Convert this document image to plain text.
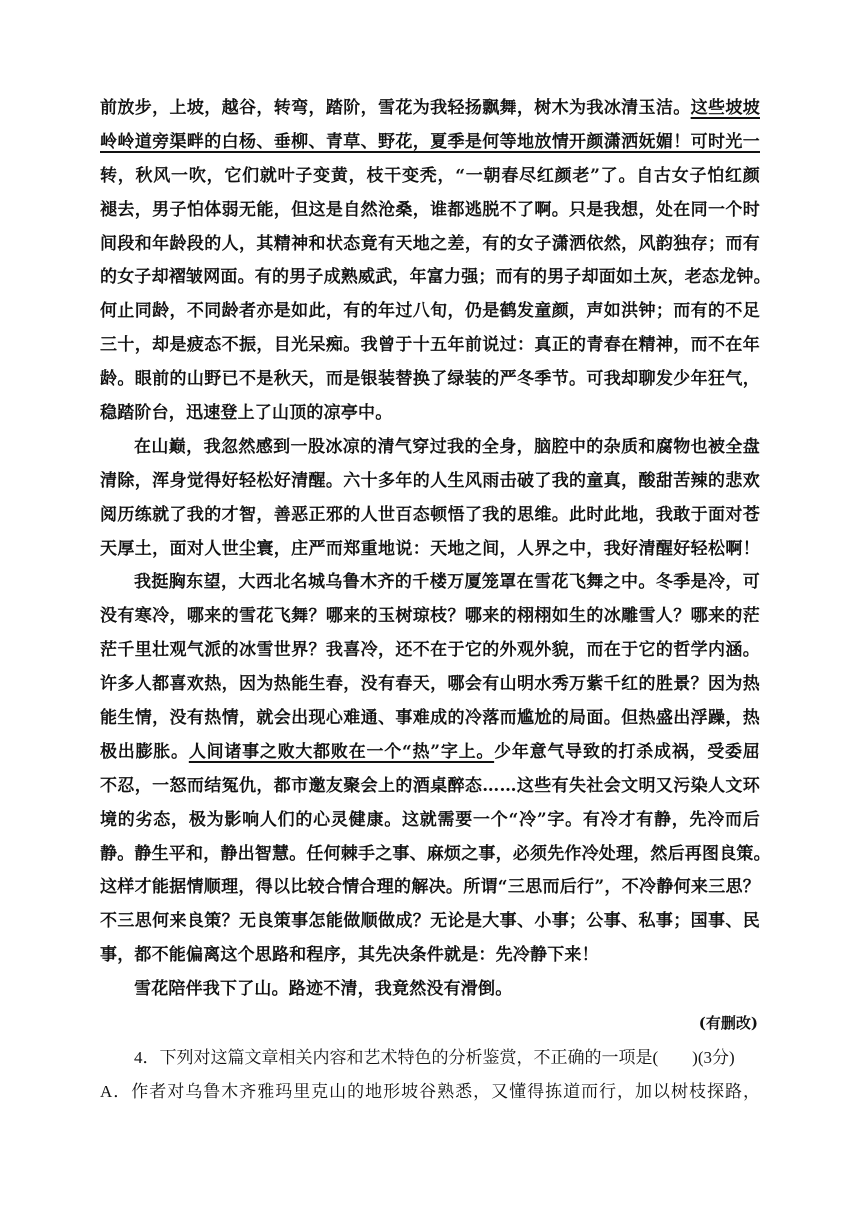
前放步，上坡，越谷，转弯，踏阶，雪花为我轻扬飘舞，树木为我冰清玉洁。这些坡坡
岭岭道旁渠畔的白杨、垂柳、青草、野花，夏季是何等地放情开颜潇洒妩媚！可时光一
转，秋风一吹，它们就叶子变黄，枝干变秃，“一朝春尽红颜老”了。自古女子怕红颜
褪去，男子怕体弱无能，但这是自然沧桑，谁都逃脱不了啊。只是我想，处在同一个时
间段和年龄段的人，其精神和状态竟有天地之差，有的女子潇洒依然，风韵独存；而有
的女子却褶皱网面。有的男子成熟威武，年富力强；而有的男子却面如土灰，老态龙钟。
何止同龄，不同龄者亦是如此，有的年过八旬，仍是鹤发童颜，声如洪钟；而有的不足
三十，却是疲态不振，目光呆痴。我曾于十五年前说过：真正的青春在精神，而不在年
龄。眼前的山野已不是秋天，而是银装替换了绿装的严冬季节。可我却聊发少年狂气，
稳踏阶台，迅速登上了山顶的凉亭中。
在山巅，我忽然感到一股冰凉的清气穿过我的全身，脑腔中的杂质和腐物也被全盘
清除，浑身觉得好轻松好清醒。六十多年的人生风雨击破了我的童真，酸甜苦辣的悲欢
阅历练就了我的才智，善恶正邪的人世百态顿悟了我的思维。此时此地，我敢于面对苍
天厚土，面对人世尘寰，庄严而郑重地说：天地之间，人界之中，我好清醒好轻松啊！
我挺胸东望，大西北名城乌鲁木齐的千楼万厦笼罩在雪花飞舞之中。冬季是冷，可
没有寒冷，哪来的雪花飞舞？哪来的玉树琼枝？哪来的栩栩如生的冰雕雪人？哪来的茫
茫千里壮观气派的冰雪世界？我喜冷，还不在于它的外观外貌，而在于它的哲学内涵。
许多人都喜欢热，因为热能生春，没有春天，哪会有山明水秀万紫千红的胜景？因为热
能生情，没有热情，就会出现心难通、事难成的冷落而尴尬的局面。但热盛出浮躁，热
极出膨胀。人间诸事之败大都败在一个“热”字上。少年意气导致的打杀成祸，受委屈
不忍，一怒而结冤仇，都市邀友聚会上的酒桌醉态……这些有失社会文明又污染人文环
境的劣态，极为影响人们的心灵健康。这就需要一个“冷”字。有冷才有静，先冷而后
静。静生平和，静出智慧。任何棘手之事、麻烦之事，必须先作冷处理，然后再图良策。
这样才能据情顺理，得以比较合情合理的解决。所谓“三思而后行”，不冷静何来三思？
不三思何来良策？无良策事怎能做顺做成？无论是大事、小事；公事、私事；国事、民
事，都不能偏离这个思路和程序，其先决条件就是：先冷静下来！
雪花陪伴我下了山。路迹不清，我竟然没有滑倒。
(有删改)
4．下列对这篇文章相关内容和艺术特色的分析鉴赏，不正确的一项是(　　)(3分)
A．作者对乌鲁木齐雅玛里克山的地形坡谷熟悉，又懂得拣道而行，加以树枝探路，
